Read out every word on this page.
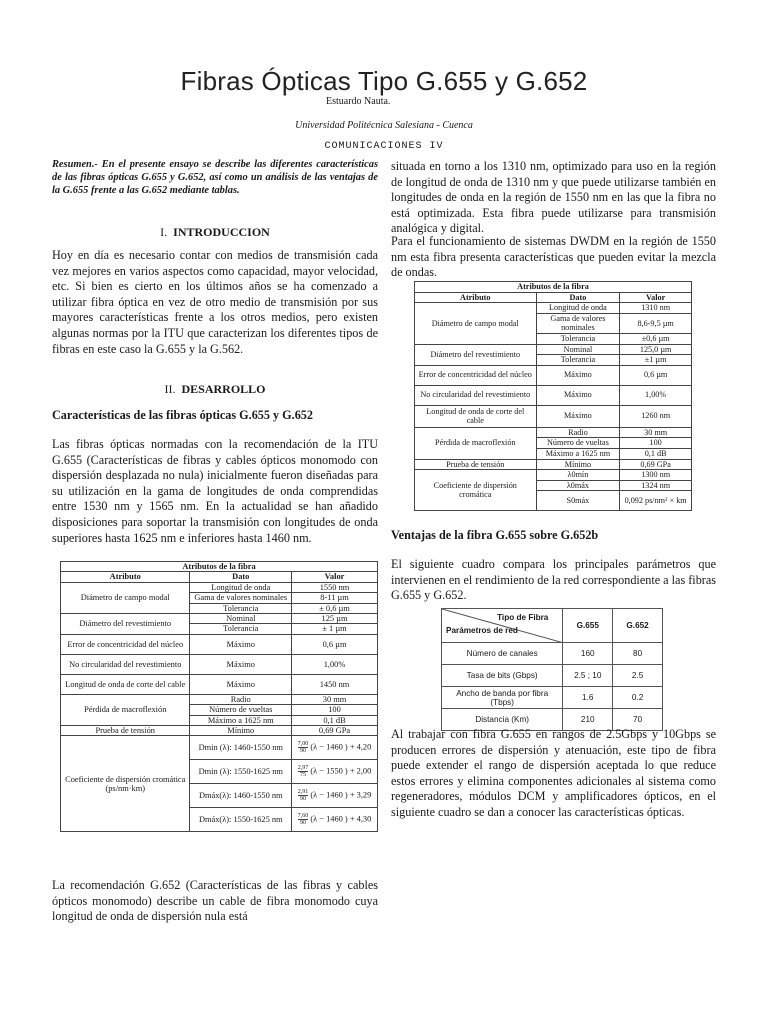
Fibras Ópticas Tipo G.655 y G.652
Estuardo Nauta.
Universidad Politécnica Salesiana - Cuenca
COMUNICACIONES IV
Resumen.- En el presente ensayo se describe las diferentes características de las fibras ópticas G.655 y G.652, así como un análisis de las ventajas de la G.655 frente a las G.652 mediante tablas.
I. INTRODUCCION

Hoy en día es necesario contar con medios de transmisión cada vez mejores en varios aspectos como capacidad, mayor velocidad, etc. Si bien es cierto en los últimos años se ha comenzado a utilizar fibra óptica en vez de otro medio de transmisión por sus mayores características frente a los otros medios, pero existen algunas normas por la ITU que caracterizan los diferentes tipos de fibras en este caso la G.655 y la G.562.

II. DESARROLLO
Características de las fibras ópticas G.655 y G.652

Las fibras ópticas normadas con la recomendación de la ITU G.655 (Características de fibras y cables ópticos monomodo con dispersión desplazada no nula) inicialmente fueron diseñadas para su utilización en la gama de longitudes de onda comprendidas entre 1530 nm y 1565 nm. En la actualidad se han añadido disposiciones para soportar la transmisión con longitudes de onda superiores hasta 1625 nm e inferiores hasta 1460 nm.

Atributos de la fibra		
Atributo	Dato	Valor
Diámetro de campo modal	Longitud de onda	1550 nm
	Gama de valores nominales	8-11 µm
	Tolerancia	± 0,6 µm
Diámetro del revestimiento	Nominal	125 µm
	Tolerancia	± 1 µm
Error de concentricidad del núcleo	Máximo	0,6 µm
No circularidad del revestimiento	Máximo	1,00%
Longitud de onda de corte del cable	Máximo	1450 nm
Pérdida de macroflexión	Radio	30 mm
	Número de vueltas	100
	Máximo a 1625 nm	0,1 dB
Prueba de tensión	Mínimo	0,69 GPa
Coeficiente de dispersión cromática (ps/nm·km)	Dmin (λ): 1460-1550 nm	$\frac{7,00}{90} (\lambda - 1460$ ) + 4,20
	Dmin (λ): 1550-1625 nm	$\frac{2,97}{75} (\lambda - 1550$ ) + 2,00
	Dmáx(λ): 1460-1550 nm	$\frac{2,91}{90} (\lambda - 1460$ ) + 3,29
	Dmáx(λ): 1550-1625 nm	$\frac{7,60}{90} (\lambda - 1460$ ) + 4,30

La recomendación G.652 (Características de las fibras y cables ópticos monomodo) describe un cable de fibra monomodo cuya longitud de onda de dispersión nula está

situada en torno a los 1310 nm, optimizado para uso en la región de longitud de onda de 1310 nm y que puede utilizarse también en longitudes de onda en la región de 1550 nm en las que la fibra no está optimizada. Esta fibra puede utilizarse para transmisión analógica y digital.

Para el funcionamiento de sistemas DWDM en la región de 1550 nm esta fibra presenta características que pueden evitar la mezcla de ondas.

Atributos de la fibra		
Atributo	Dato	Valor
Diámetro de campo modal	Longitud de onda	1310 nm
	Gama de valores nominales	8,6-9,5 µm
	Tolerancia	±0,6 µm
Diámetro del revestimiento	Nominal	125,0 µm
	Tolerancia	±1 µm
Error de concentricidad del núcleo	Máximo	0,6 µm
No circularidad del revestimiento	Máximo	1,00%
Longitud de onda de corte del cable	Máximo	1260 nm
Pérdida de macroflexión	Radio	30 mm
	Número de vueltas	100
	Máximo a 1625 nm	0,1 dB
Prueba de tensión	Mínimo	0,69 GPa
Coeficiente de dispersión cromática	λ0mín	1300 nm
	λ0máx	1324 nm
	S0máx	0,092 ps/nm² × km
Ventajas de la fibra G.655 sobre G.652b

El siguiente cuadro compara los principales parámetros que intervienen en el rendimiento de la red correspondiente a las fibras G.655 y G.652.

Tipo de Fibra
Parámetros de red	G.655	G.652
Número de canales	160	80
Tasa de bits (Gbps)	2.5 ; 10	2.5
Ancho de banda por fibra (Tbps)	1.6	0.2
Distancia (Km)	210	70

Al trabajar con fibra G.655 en rangos de 2.5Gbps y 10Gbps se producen errores de dispersión y atenuación, este tipo de fibra puede extender el rango de dispersión aceptada lo que reduce estos errores y elimina componentes adicionales al sistema como regeneradores, módulos DCM y amplificadores ópticos, en el siguiente cuadro se dan a conocer las características ópticas.
